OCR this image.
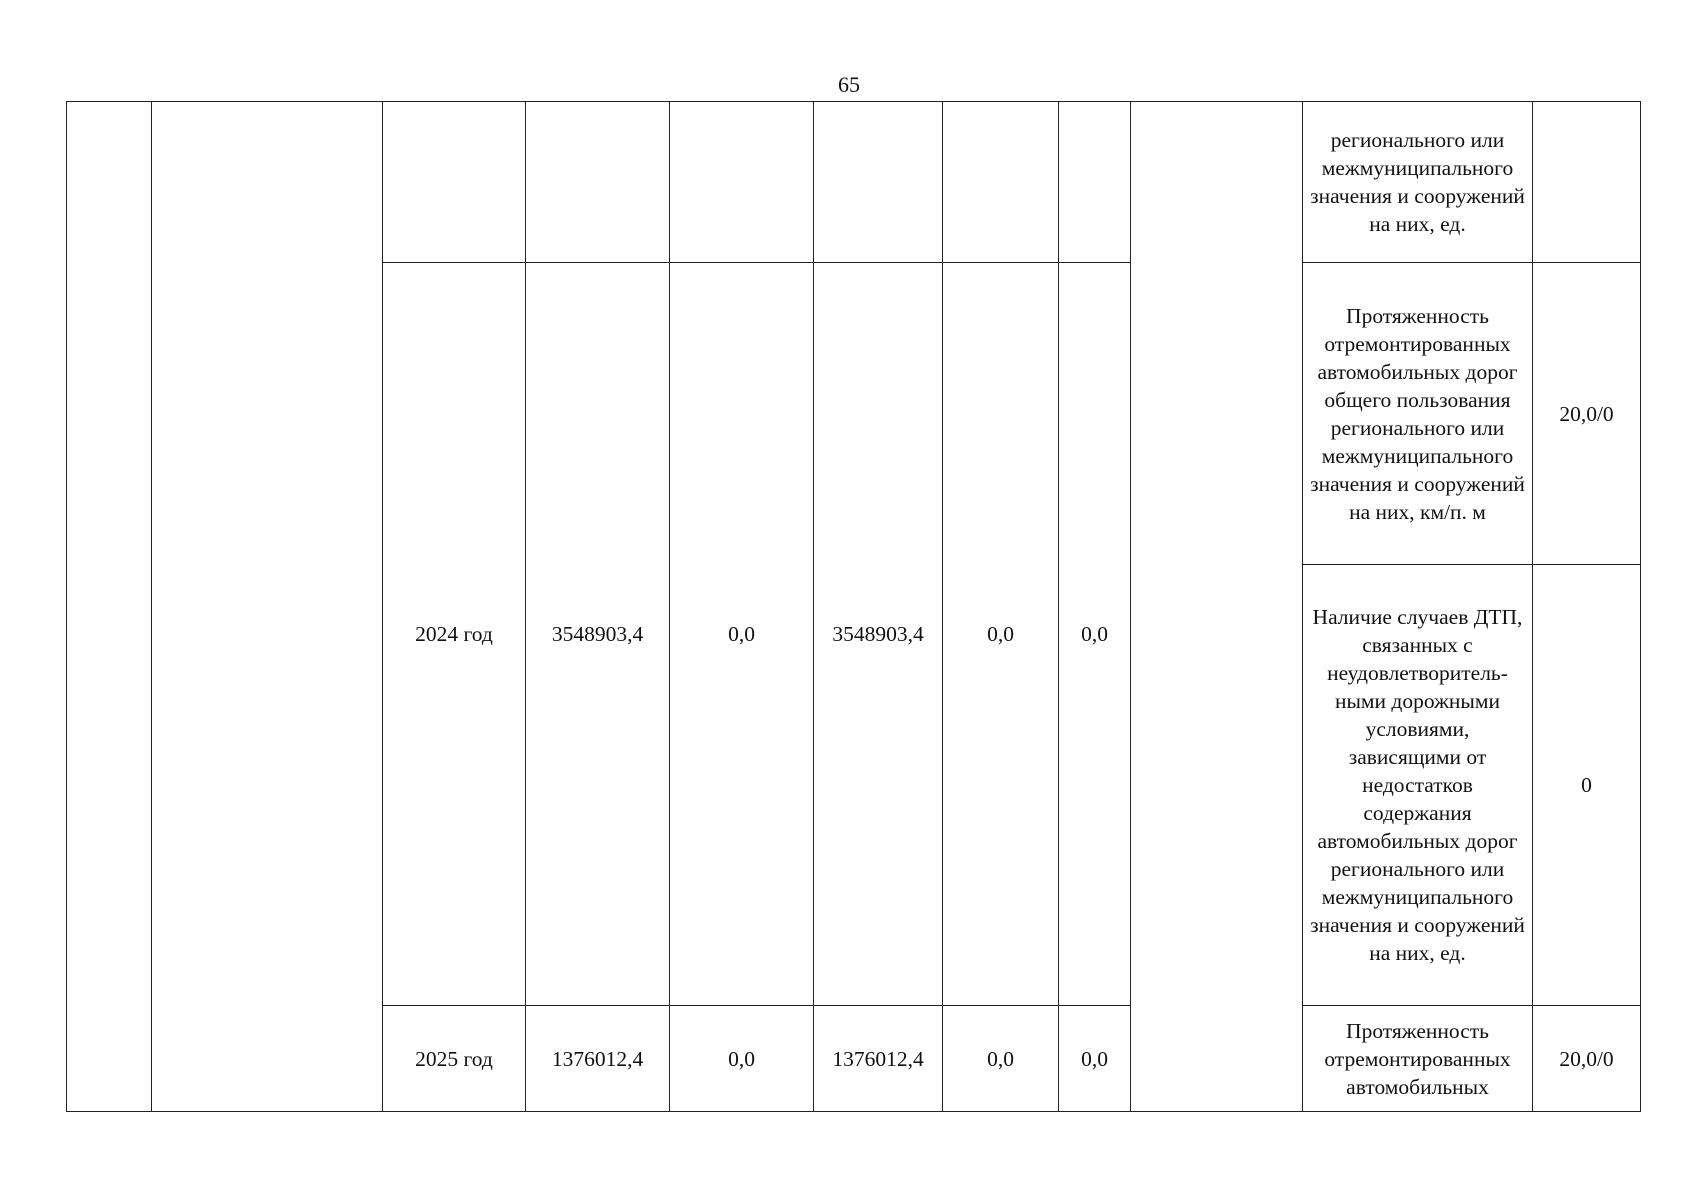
65
									регионального или межмуниципального значения и сооружений на них, ед.	
		2024 год	3548903,4	0,0	3548903,4	0,0	0,0		Протяженность отремонтированных автомобильных дорог общего пользования регионального или межмуниципального значения и сооружений на них, км/п. м	20,0/0
									Наличие случаев ДТП, связанных с неудовлетворитель-ными дорожными условиями, зависящими от недостатков содержания автомобильных дорог регионального или межмуниципального значения и сооружений на них, ед.	0
		2025 год	1376012,4	0,0	1376012,4	0,0	0,0		Протяженность отремонтированных автомобильных	20,0/0
